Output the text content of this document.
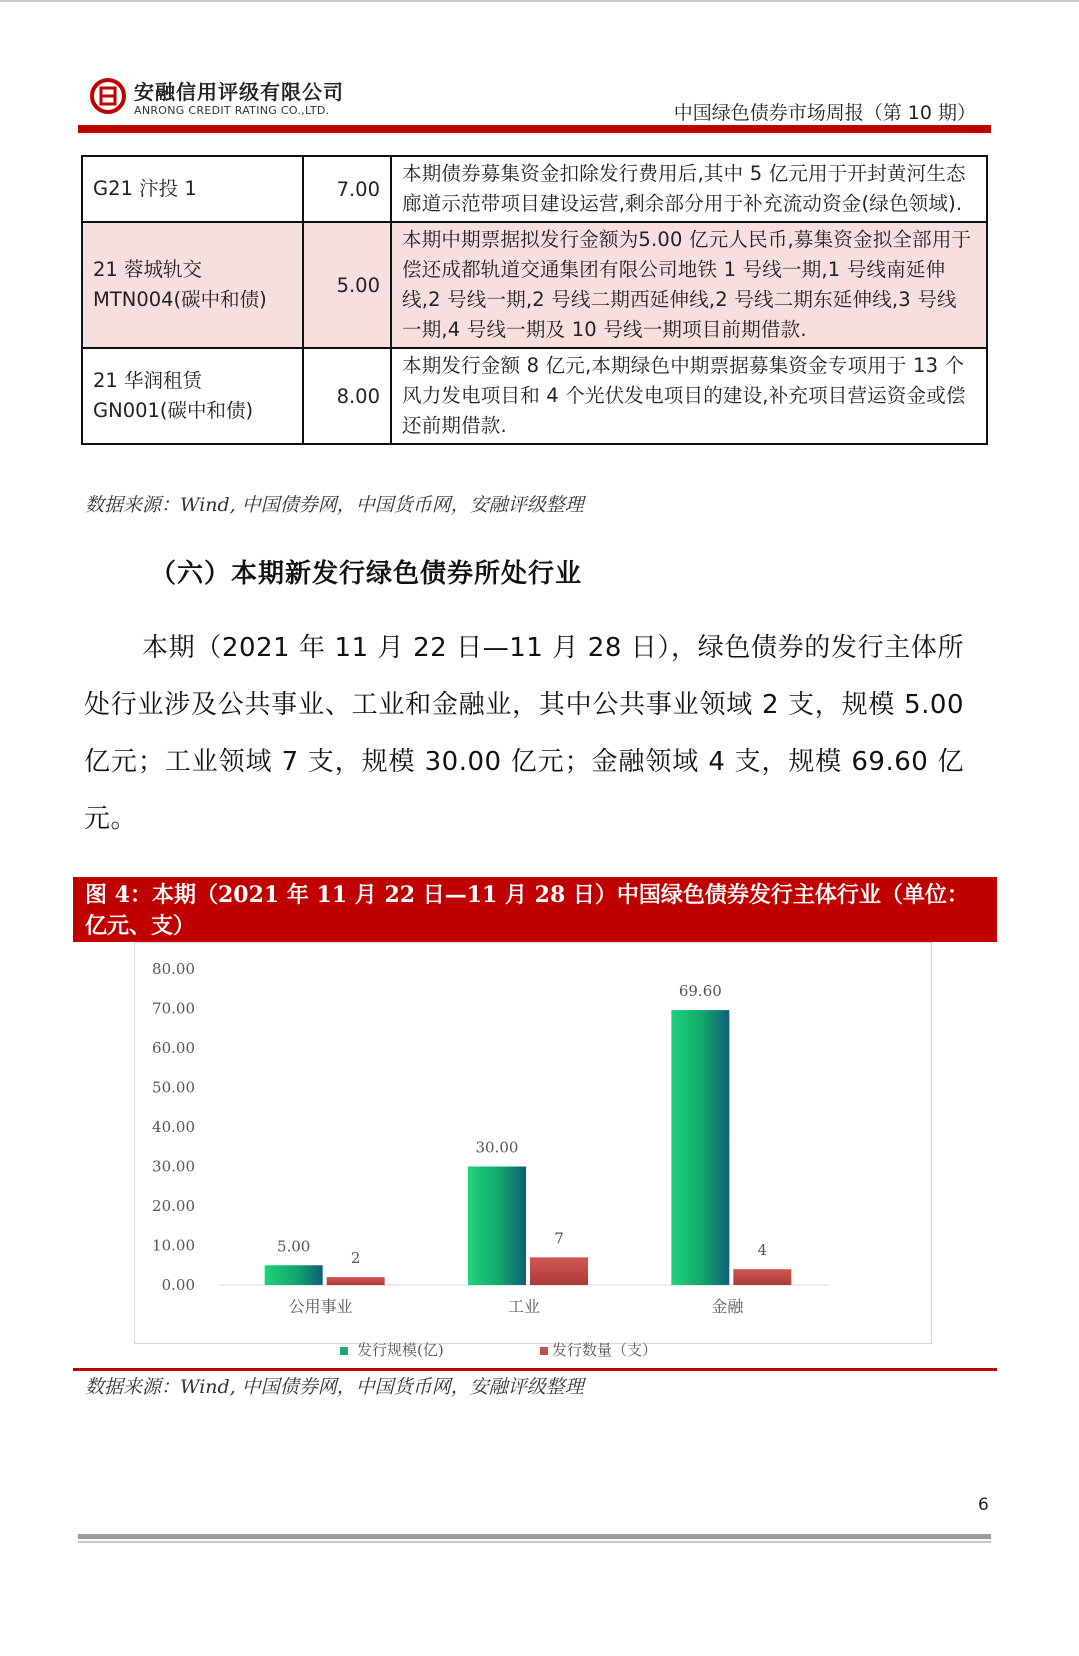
安融信用评级有限公司
ANRONG CREDIT RATING CO.,LTD.	中国绿色债券市场周报（第 10 期）
G21 汴投 1	7.00	本期债券募集资金扣除发行费用后,其中 5 亿元用于开封黄河生态廊道示范带项目建设运营,剩余部分用于补充流动资金(绿色领域).
21 蓉城轨交 MTN004(碳中和债)	5.00	本期中期票据拟发行金额为5.00 亿元人民币,募集资金拟全部用于偿还成都轨道交通集团有限公司地铁 1 号线一期,1 号线南延伸线,2 号线一期,2 号线二期西延伸线,2 号线二期东延伸线,3 号线一期,4 号线一期及 10 号线一期项目前期借款.
21 华润租赁 GN001(碳中和债)	8.00	本期发行金额 8 亿元,本期绿色中期票据募集资金专项用于 13 个风力发电项目和 4 个光伏发电项目的建设,补充项目营运资金或偿还前期借款.
数据来源：Wind, 中国债券网，中国货币网，安融评级整理
（六）本期新发行绿色债券所处行业

本期（2021 年 11 月 22 日—11 月 28 日），绿色债券的发行主体所处行业涉及公共事业、工业和金融业，其中公共事业领域 2 支，规模 5.00 亿元；工业领域 7 支，规模 30.00 亿元；金融领域 4 支，规模 69.60 亿元。

图 4：本期（2021 年 11 月 22 日—11 月 28 日）中国绿色债券发行主体行业（单位：亿元、支）

80.00
70.00
60.00
50.00
40.00
30.00
20.00
10.00
0.00
5.00
2
30.00
7
69.60
4
公用事业	工业	金融
发行规模(亿)	发行数量（支）
数据来源：Wind, 中国债券网，中国货币网，安融评级整理
6
